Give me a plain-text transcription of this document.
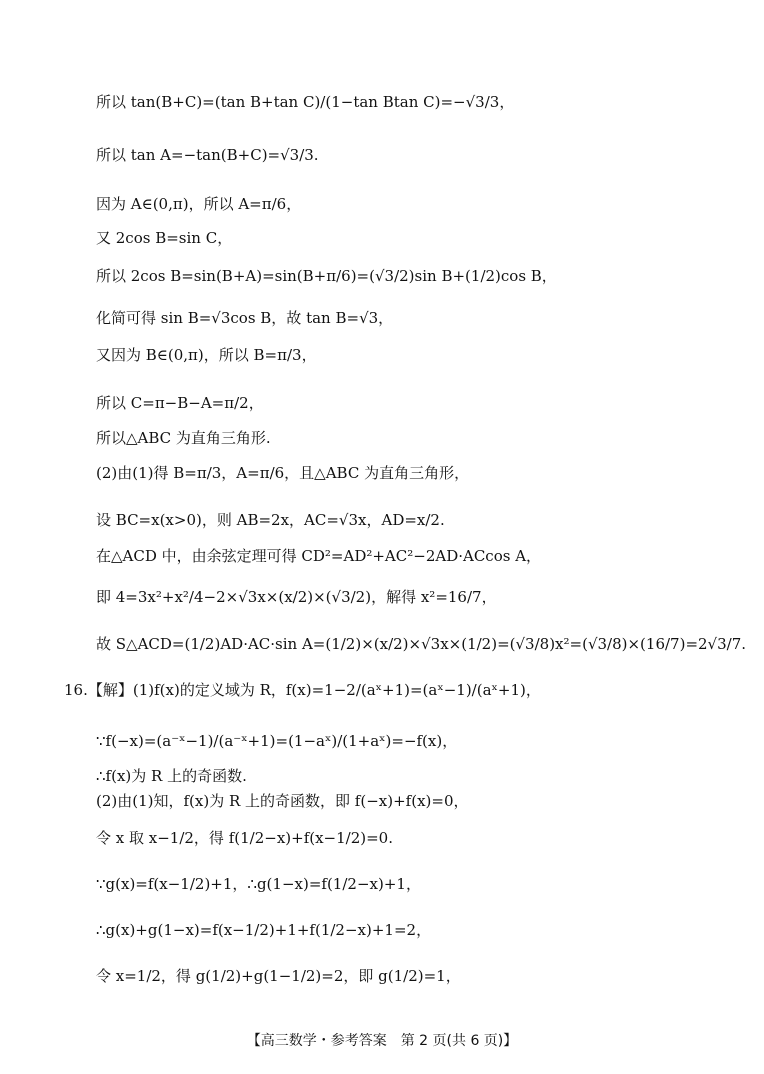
所以 tan(B+C)=(tan B+tan C)/(1−tan Btan C)=−√3/3，
所以 tan A=−tan(B+C)=√3/3.
因为 A∈(0,π)，所以 A=π/6，
又 2cos B=sin C，
所以 2cos B=sin(B+A)=sin(B+π/6)=(√3/2)sin B+(1/2)cos B，
化简可得 sin B=√3cos B，故 tan B=√3，
又因为 B∈(0,π)，所以 B=π/3，
所以 C=π−B−A=π/2，
所以△ABC 为直角三角形.
(2)由(1)得 B=π/3，A=π/6，且△ABC 为直角三角形，
设 BC=x(x>0)，则 AB=2x，AC=√3x，AD=x/2.
在△ACD 中，由余弦定理可得 CD²=AD²+AC²−2AD·ACcos A，
即 4=3x²+x²/4−2×√3x×(x/2)×(√3/2)，解得 x²=16/7，
故 S△ACD=(1/2)AD·AC·sin A=(1/2)×(x/2)×√3x×(1/2)=(√3/8)x²=(√3/8)×(16/7)=2√3/7.
16.【解】(1)f(x)的定义域为 R，f(x)=1−2/(aˣ+1)=(aˣ−1)/(aˣ+1)，
∵f(−x)=(a⁻ˣ−1)/(a⁻ˣ+1)=(1−aˣ)/(1+aˣ)=−f(x)，
∴f(x)为 R 上的奇函数.
(2)由(1)知，f(x)为 R 上的奇函数，即 f(−x)+f(x)=0，
令 x 取 x−1/2，得 f(1/2−x)+f(x−1/2)=0.
∵g(x)=f(x−1/2)+1，∴g(1−x)=f(1/2−x)+1，
∴g(x)+g(1−x)=f(x−1/2)+1+f(1/2−x)+1=2，
令 x=1/2，得 g(1/2)+g(1−1/2)=2，即 g(1/2)=1，
【高三数学・参考答案　第 2 页(共 6 页)】
